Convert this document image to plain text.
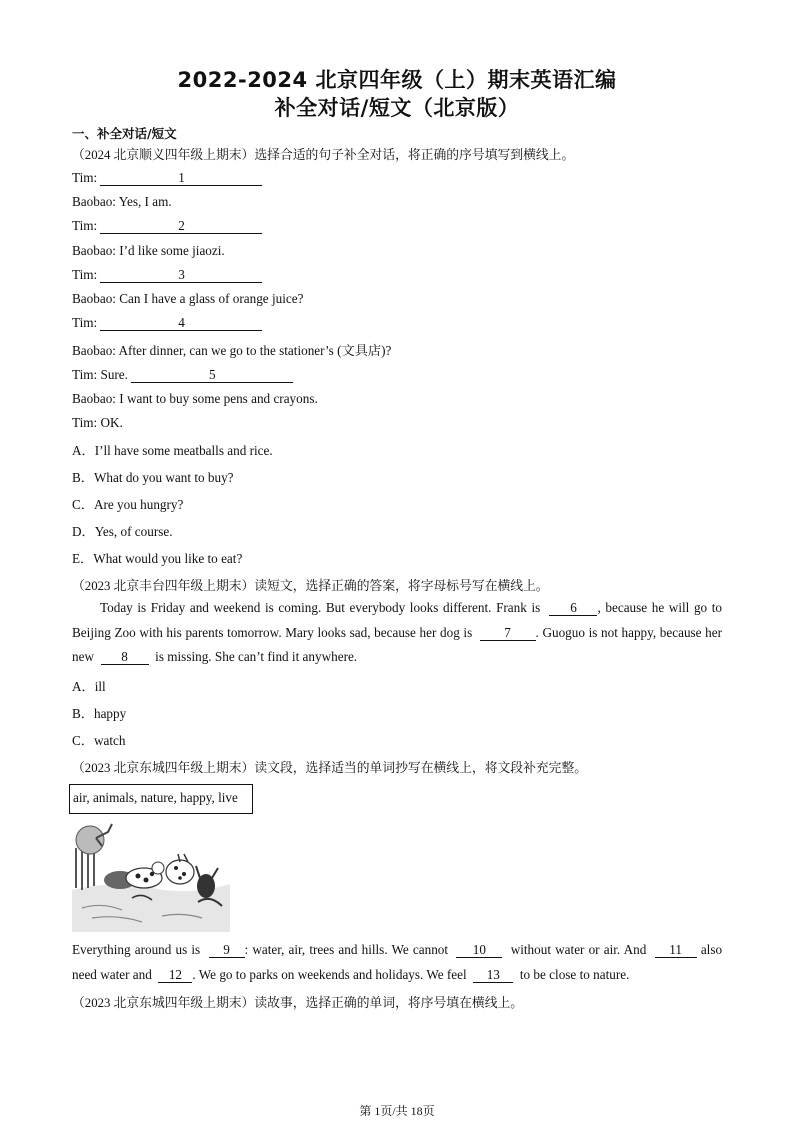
2022-2024 北京四年级（上）期末英语汇编
补全对话/短文（北京版）
一、补全对话/短文
（2024 北京顺义四年级上期末）选择合适的句子补全对话，将正确的序号填写到横线上。
Tim:	1
Baobao: Yes, I am.
Tim:	2
Baobao: I’d like some jiaozi.
Tim:	3
Baobao: Can I have a glass of orange juice?
Tim:	4
Baobao: After dinner, can we go to the stationer’s (文具店)?
Tim: Sure.	5
Baobao: I want to buy some pens and crayons.
Tim: OK.
A．I’ll have some meatballs and rice.
B．What do you want to buy?
C．Are you hungry?
D．Yes, of course.
E．What would you like to eat?
（2023 北京丰台四年级上期末）读短文，选择正确的答案，将字母标号写在横线上。
Today is Friday and weekend is coming. But everybody looks different. Frank is 6 , because he will go to Beijing Zoo with his parents tomorrow. Mary looks sad, because her dog is 7 . Guoguo is not happy, because her new 8 is missing. She can’t find it anywhere.
A．ill
B．happy
C．watch
（2023 北京东城四年级上期末）读文段，选择适当的单词抄写在横线上，将文段补充完整。
air, animals, nature, happy, live
Everything around us is 9 : water, air, trees and hills. We cannot 10 without water or air. And 11 also need water and 12 . We go to parks on weekends and holidays. We feel 13 to be close to nature.
（2023 北京东城四年级上期末）读故事，选择正确的单词，将序号填在横线上。
第 1页/共 18页
